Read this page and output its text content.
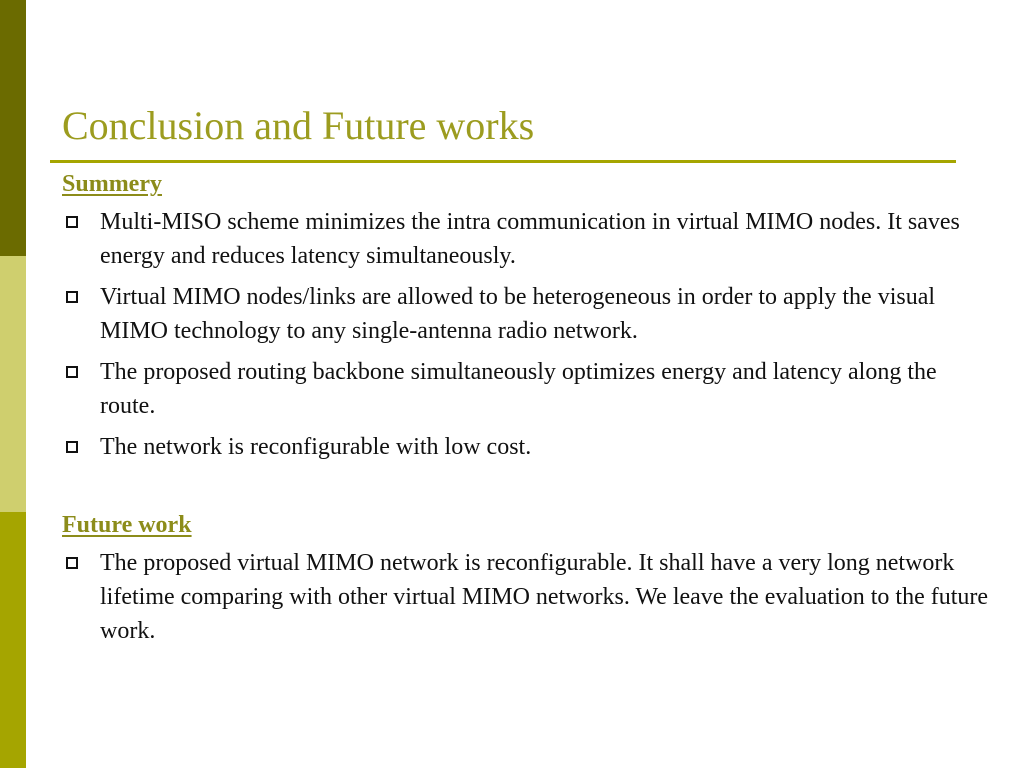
Conclusion and Future works
Summery
Multi-MISO scheme minimizes the intra communication in virtual MIMO nodes. It saves energy and reduces latency simultaneously.
Virtual MIMO nodes/links are allowed to be heterogeneous in order to apply the visual MIMO technology to any single-antenna radio network.
The proposed routing backbone simultaneously optimizes energy and latency along the route.
The network is reconfigurable with low cost.
Future work
The proposed virtual MIMO network is reconfigurable. It shall have a very long network lifetime comparing with other virtual MIMO networks. We leave the evaluation to the future work.
